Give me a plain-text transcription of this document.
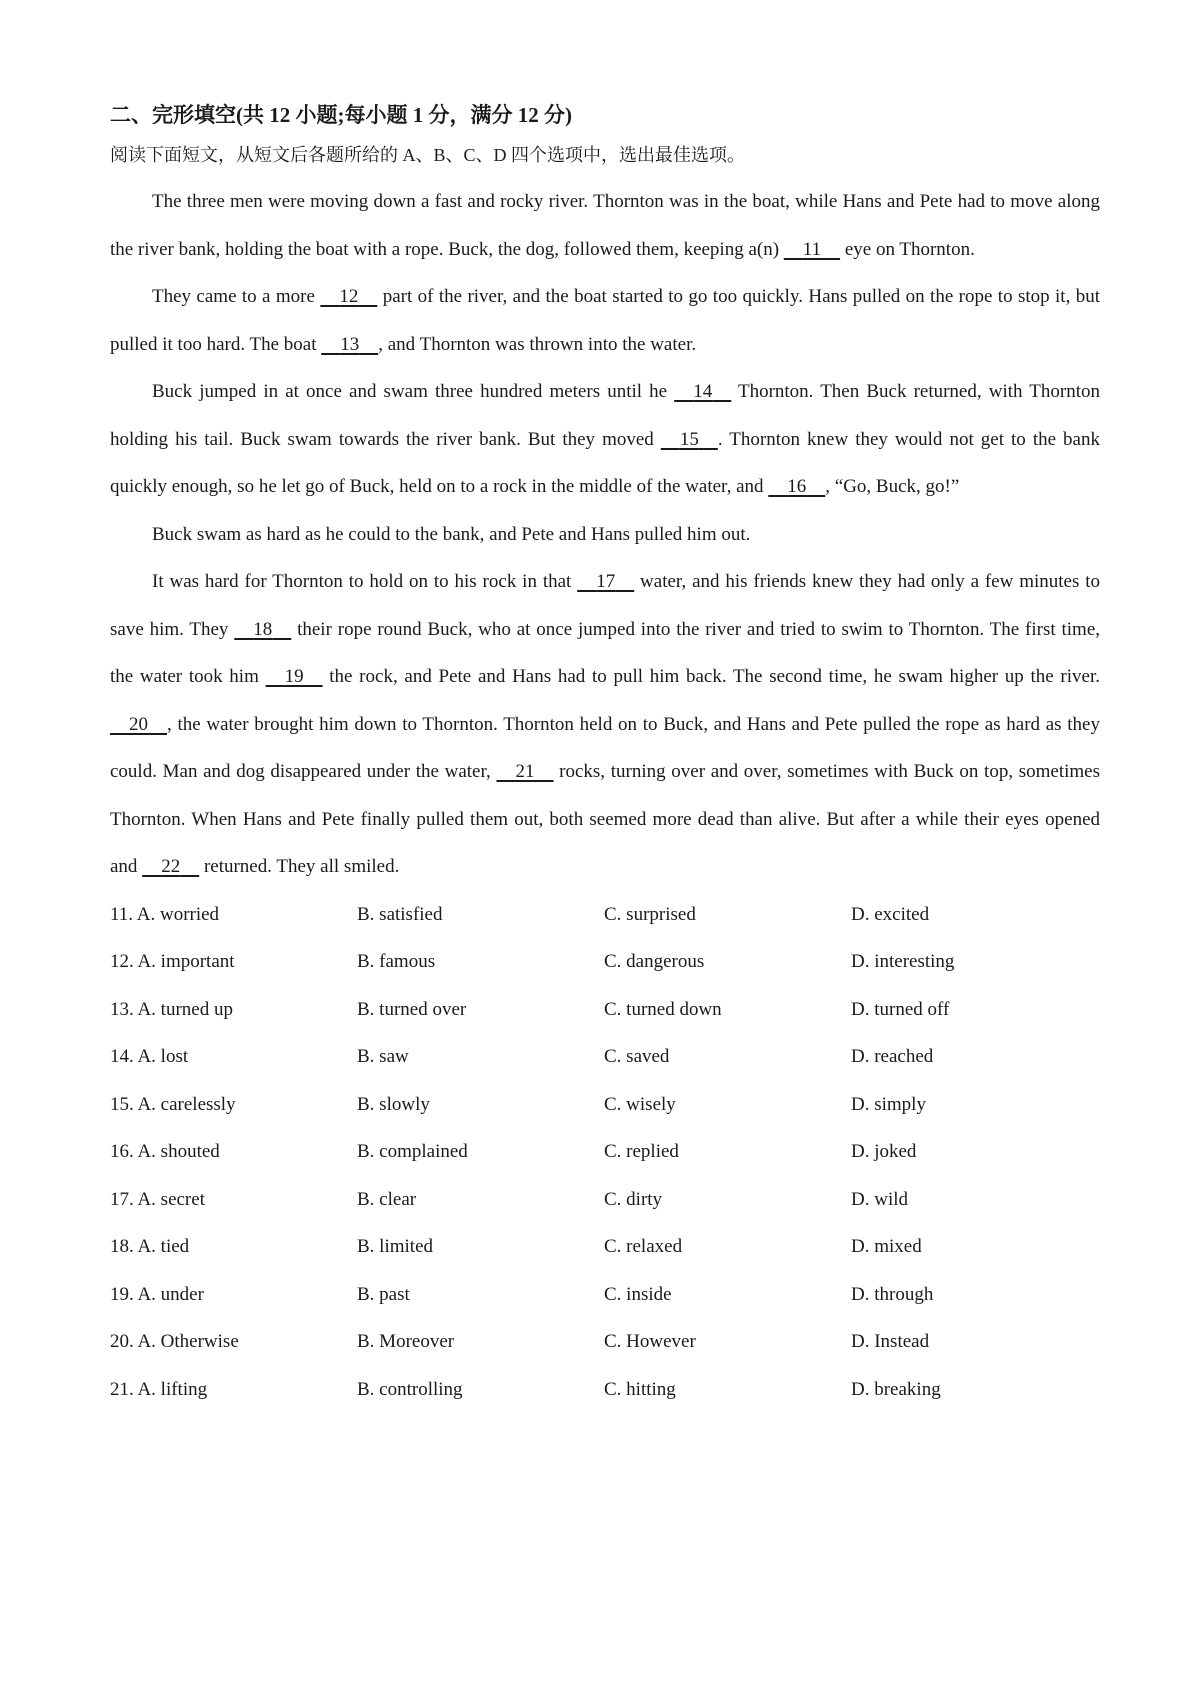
二、完形填空(共 12 小题;每小题 1 分，满分 12 分)
阅读下面短文，从短文后各题所给的 A、B、C、D 四个选项中，选出最佳选项。

The three men were moving down a fast and rocky river. Thornton was in the boat, while Hans and Pete had to move along the river bank, holding the boat with a rope. Buck, the dog, followed them, keeping a(n)     11     eye on Thornton.

They came to a more     12     part of the river, and the boat started to go too quickly. Hans pulled on the rope to stop it, but pulled it too hard. The boat     13 , and Thornton was thrown into the water.

Buck jumped in at once and swam three hundred meters until he     14     Thornton. Then Buck returned, with Thornton holding his tail. Buck swam towards the river bank. But they moved     15 . Thornton knew they would not get to the bank quickly enough, so he let go of Buck, held on to a rock in the middle of the water, and     16 , “Go, Buck, go!”

Buck swam as hard as he could to the bank, and Pete and Hans pulled him out.

It was hard for Thornton to hold on to his rock in that     17     water, and his friends knew they had only a few minutes to save him. They     18     their rope round Buck, who at once jumped into the river and tried to swim to Thornton. The first time, the water took him     19     the rock, and Pete and Hans had to pull him back. The second time, he swam higher up the river.     20 , the water brought him down to Thornton. Thornton held on to Buck, and Hans and Pete pulled the rope as hard as they could. Man and dog disappeared under the water,     21     rocks, turning over and over, sometimes with Buck on top, sometimes Thornton. When Hans and Pete finally pulled them out, both seemed more dead than alive. But after a while their eyes opened and     22     returned. They all smiled.

11. A. worried	B. satisfied	C. surprised	D. excited
12. A. important	B. famous	C. dangerous	D. interesting
13. A. turned up	B. turned over	C. turned down	D. turned off
14. A. lost	B. saw	C. saved	D. reached
15. A. carelessly	B. slowly	C. wisely	D. simply
16. A. shouted	B. complained	C. replied	D. joked
17. A. secret	B. clear	C. dirty	D. wild
18. A. tied	B. limited	C. relaxed	D. mixed
19. A. under	B. past	C. inside	D. through
20. A. Otherwise	B. Moreover	C. However	D. Instead
21. A. lifting	B. controlling	C. hitting	D. breaking
